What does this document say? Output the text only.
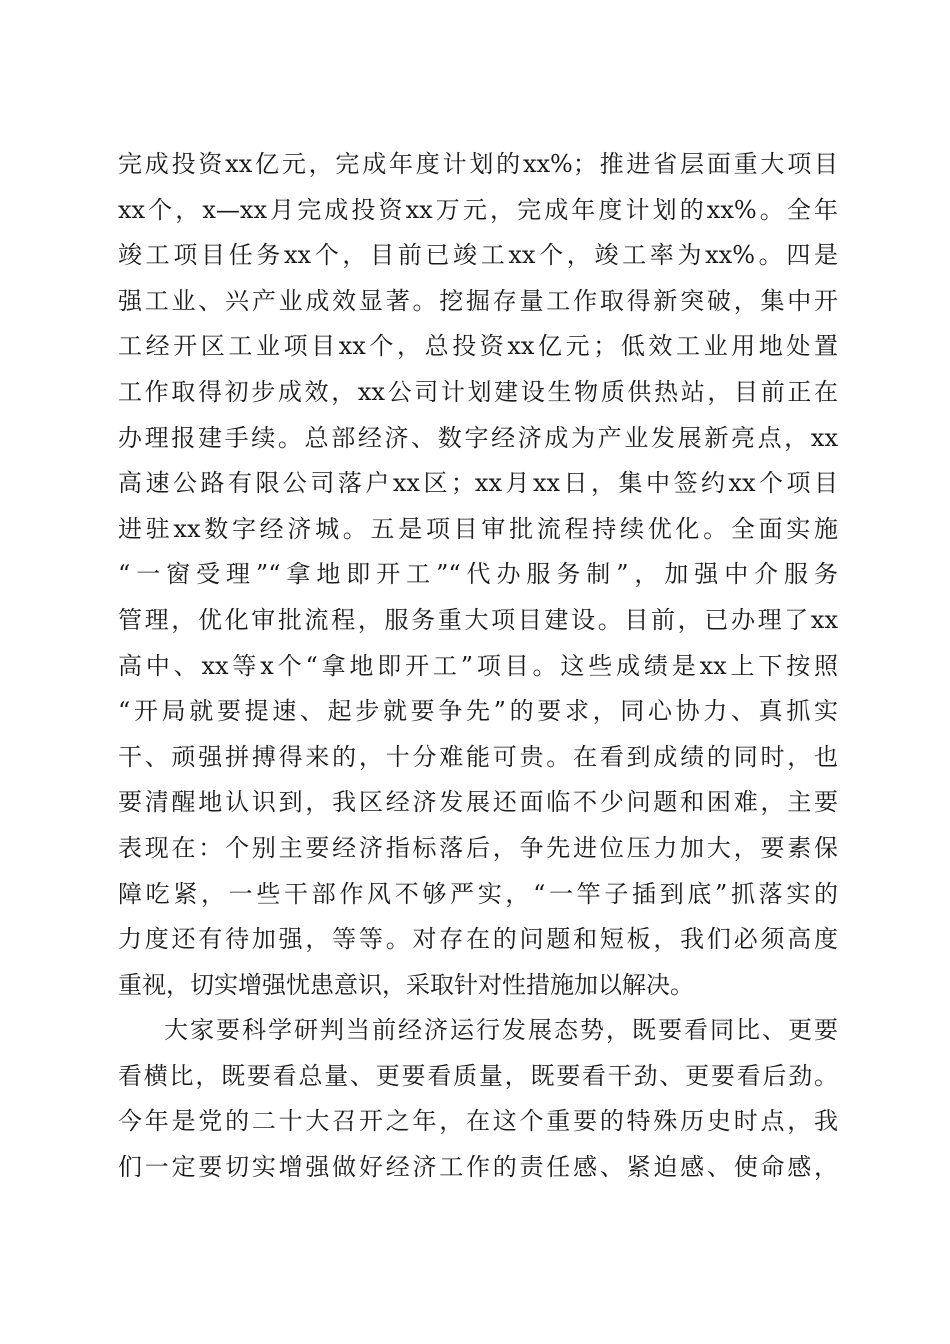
完成投资xx亿元，完成年度计划的xx%；推进省层面重大项目
xx个，x—xx月完成投资xx万元，完成年度计划的xx%。全年
竣工项目任务xx个，目前已竣工xx个，竣工率为xx%。四是
强工业、兴产业成效显著。挖掘存量工作取得新突破，集中开
工经开区工业项目xx个，总投资xx亿元；低效工业用地处置
工作取得初步成效，xx公司计划建设生物质供热站，目前正在
办理报建手续。总部经济、数字经济成为产业发展新亮点，xx
高速公路有限公司落户xx区；xx月xx日，集中签约xx个项目
进驻xx数字经济城。五是项目审批流程持续优化。全面实施
“一窗受理”“拿地即开工”“代办服务制”，加强中介服务
管理，优化审批流程，服务重大项目建设。目前，已办理了xx
高中、xx等x个“拿地即开工”项目。这些成绩是xx上下按照
“开局就要提速、起步就要争先”的要求，同心协力、真抓实
干、顽强拼搏得来的，十分难能可贵。在看到成绩的同时，也
要清醒地认识到，我区经济发展还面临不少问题和困难，主要
表现在：个别主要经济指标落后，争先进位压力加大，要素保
障吃紧，一些干部作风不够严实，“一竿子插到底”抓落实的
力度还有待加强，等等。对存在的问题和短板，我们必须高度
重视，切实增强忧患意识，采取针对性措施加以解决。
大家要科学研判当前经济运行发展态势，既要看同比、更要
看横比，既要看总量、更要看质量，既要看干劲、更要看后劲。
今年是党的二十大召开之年，在这个重要的特殊历史时点，我
们一定要切实增强做好经济工作的责任感、紧迫感、使命感，
